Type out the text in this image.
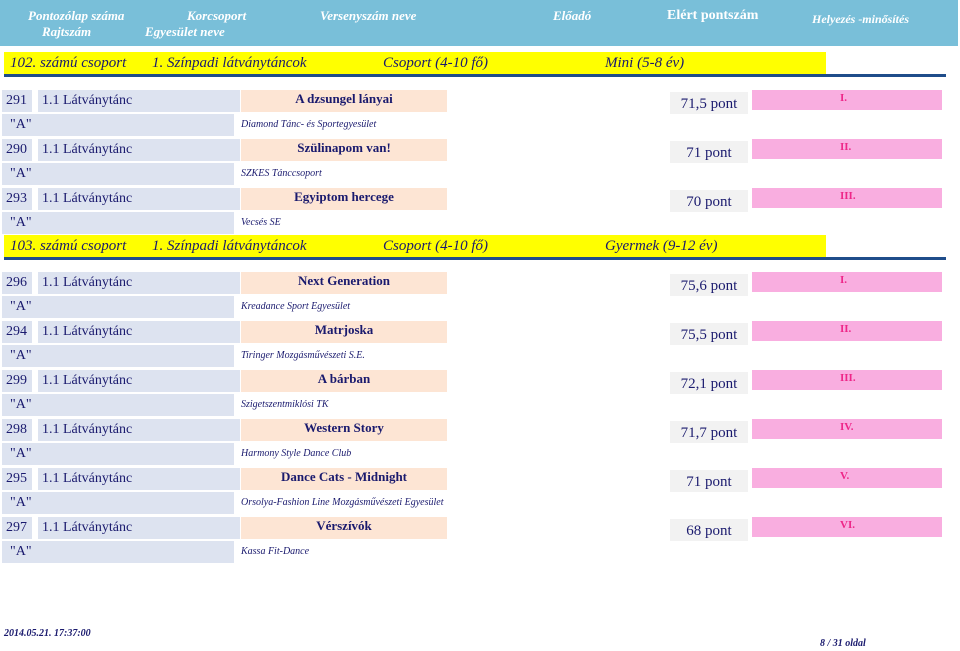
Pontozólap száma
Rajtszám
Korcsoport
Egyesület neve
Versenyszám neve	Előadó	Elért pontszám	Helyezés -minősítés
102. számú csoport 1. Színpadi látványtáncok	Csoport (4-10 fő)	Mini (5-8 év)
291	1.1 Látványtánc	A dzsungel lányai	71,5 pont	I.
"A"	Diamond Tánc- és Sportegyesület
290	1.1 Látványtánc	Szülinapom van!	71 pont	II.
"A"	SZKES Tánccsoport
293	1.1 Látványtánc	Egyiptom hercege	70 pont	III.
"A"	Vecsés SE
103. számú csoport 1. Színpadi látványtáncok	Csoport (4-10 fő)	Gyermek (9-12 év)
296	1.1 Látványtánc	Next Generation	75,6 pont	I.
"A"	Kreadance Sport Egyesület
294	1.1 Látványtánc	Matrjoska	75,5 pont	II.
"A"	Tiringer Mozgásművészeti S.E.
299	1.1 Látványtánc	A bárban	72,1 pont	III.
"A"	Szigetszentmiklósi TK
298	1.1 Látványtánc	Western Story	71,7 pont	IV.
"A"	Harmony Style Dance Club
295	1.1 Látványtánc	Dance Cats - Midnight	71 pont	V.
"A"	Orsolya-Fashion Line Mozgásművészeti Egyesület
297	1.1 Látványtánc	Vérszívók	68 pont	VI.
"A"	Kassa Fit-Dance
2014.05.21. 17:37:00
8 / 31 oldal
